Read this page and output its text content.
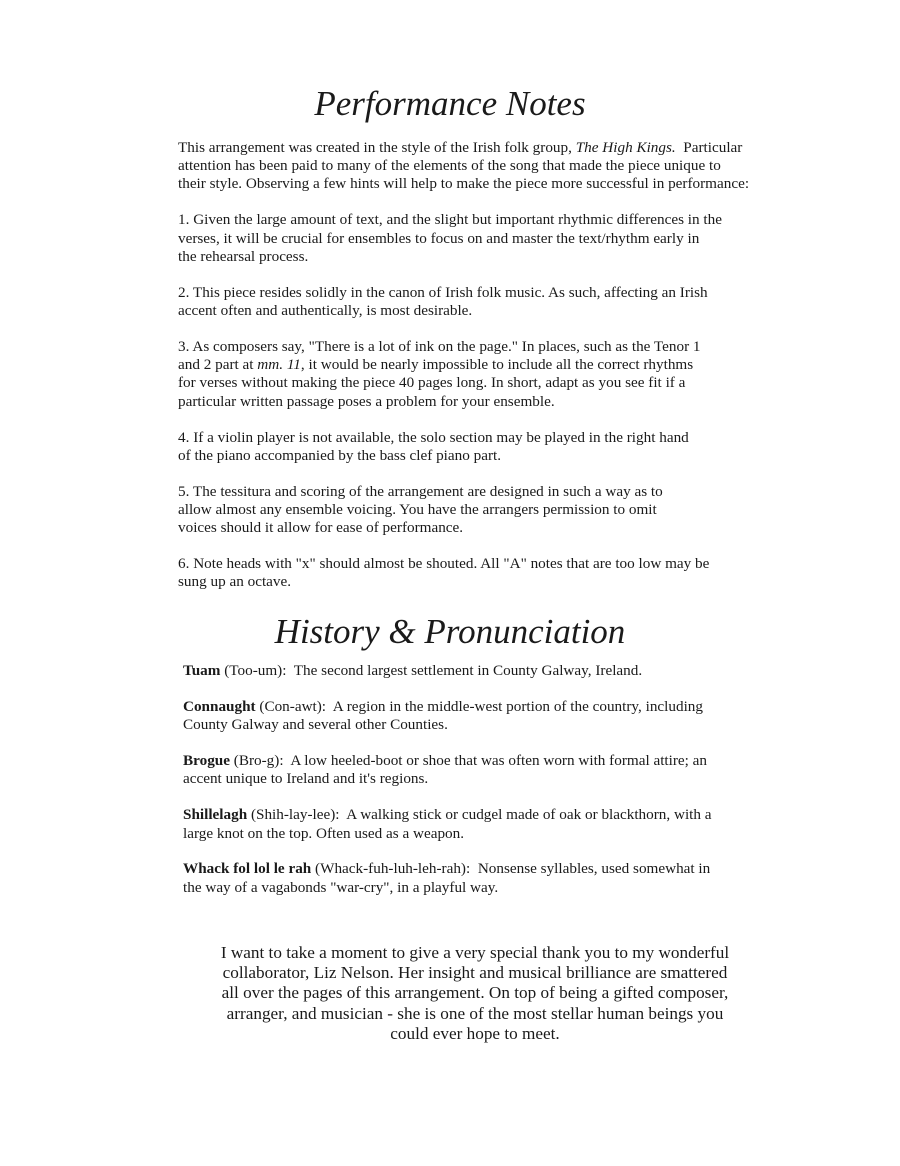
Performance Notes

This arrangement was created in the style of the Irish folk group, The High Kings.  Particular
attention has been paid to many of the elements of the song that made the piece unique to
their style. Observing a few hints will help to make the piece more successful in performance:

1. Given the large amount of text, and the slight but important rhythmic differences in the
verses, it will be crucial for ensembles to focus on and master the text/rhythm early in
the rehearsal process.

2. This piece resides solidly in the canon of Irish folk music. As such, affecting an Irish
accent often and authentically, is most desirable.

3. As composers say, "There is a lot of ink on the page." In places, such as the Tenor 1
and 2 part at mm. 11, it would be nearly impossible to include all the correct rhythms
for verses without making the piece 40 pages long. In short, adapt as you see fit if a
particular written passage poses a problem for your ensemble.

4. If a violin player is not available, the solo section may be played in the right hand
of the piano accompanied by the bass clef piano part.

5. The tessitura and scoring of the arrangement are designed in such a way as to
allow almost any ensemble voicing. You have the arrangers permission to omit
voices should it allow for ease of performance.

6. Note heads with "x" should almost be shouted. All "A" notes that are too low may be
sung up an octave.

History & Pronunciation

Tuam (Too-um):  The second largest settlement in County Galway, Ireland.

Connaught (Con-awt):  A region in the middle-west portion of the country, including
County Galway and several other Counties.

Brogue (Bro-g):  A low heeled-boot or shoe that was often worn with formal attire; an
accent unique to Ireland and it's regions.

Shillelagh (Shih-lay-lee):  A walking stick or cudgel made of oak or blackthorn, with a
large knot on the top. Often used as a weapon.

Whack fol lol le rah (Whack-fuh-luh-leh-rah):  Nonsense syllables, used somewhat in
the way of a vagabonds "war-cry", in a playful way.

I want to take a moment to give a very special thank you to my wonderful
collaborator, Liz Nelson. Her insight and musical brilliance are smattered
all over the pages of this arrangement. On top of being a gifted composer,
arranger, and musician - she is one of the most stellar human beings you
could ever hope to meet.
